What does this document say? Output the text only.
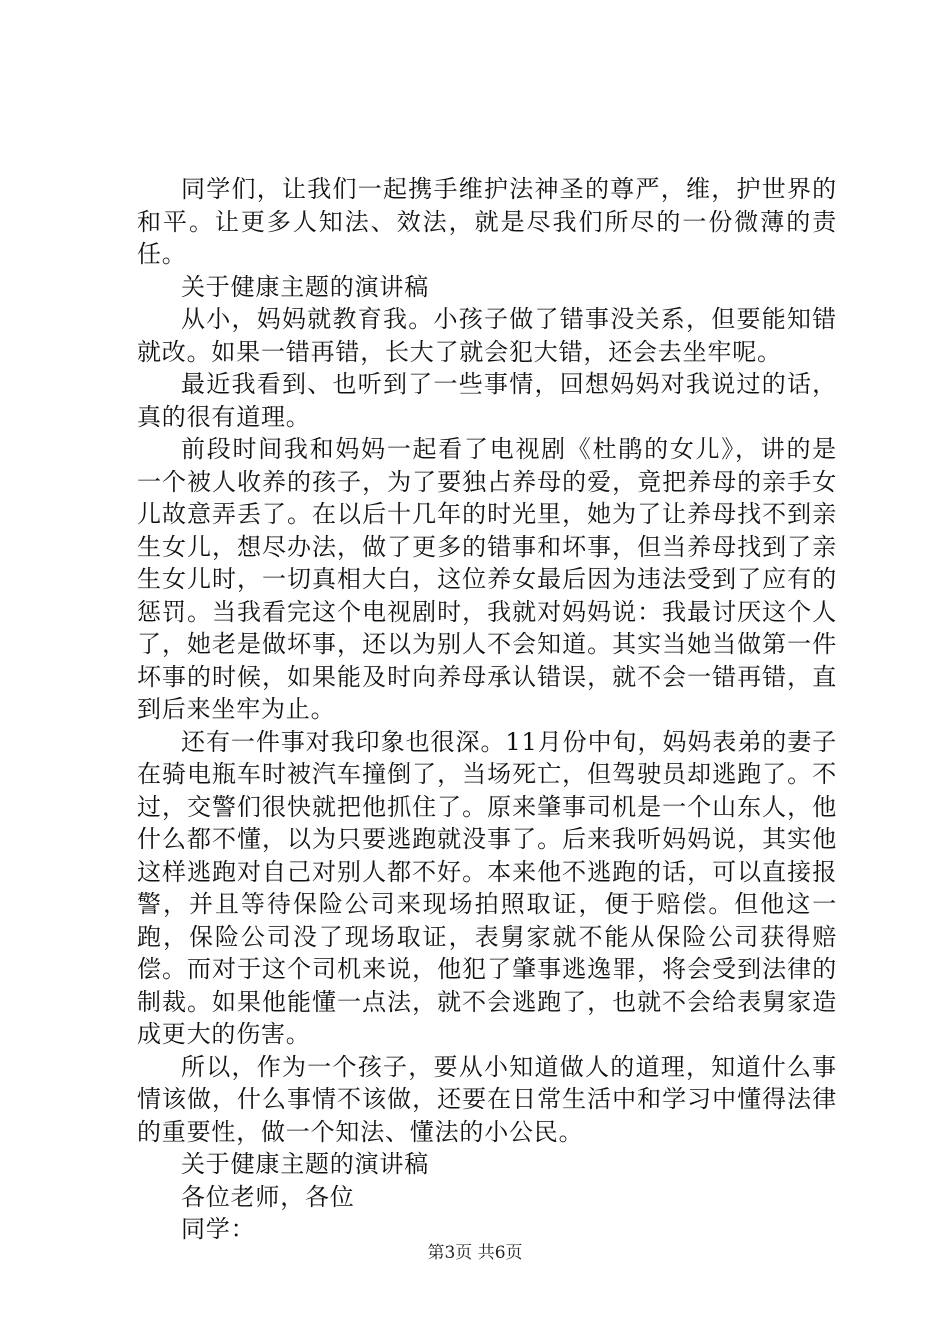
同学们，让我们一起携手维护法神圣的尊严，维，护世界的和平。让更多人知法、效法，就是尽我们所尽的一份微薄的责任。

关于健康主题的演讲稿

从小，妈妈就教育我。小孩子做了错事没关系，但要能知错就改。如果一错再错，长大了就会犯大错，还会去坐牢呢。

最近我看到、也听到了一些事情，回想妈妈对我说过的话，真的很有道理。

前段时间我和妈妈一起看了电视剧《杜鹃的女儿》，讲的是一个被人收养的孩子，为了要独占养母的爱，竟把养母的亲手女儿故意弄丢了。在以后十几年的时光里，她为了让养母找不到亲生女儿，想尽办法，做了更多的错事和坏事，但当养母找到了亲生女儿时，一切真相大白，这位养女最后因为违法受到了应有的惩罚。当我看完这个电视剧时，我就对妈妈说：我最讨厌这个人了，她老是做坏事，还以为别人不会知道。其实当她当做第一件坏事的时候，如果能及时向养母承认错误，就不会一错再错，直到后来坐牢为止。

还有一件事对我印象也很深。11月份中旬，妈妈表弟的妻子在骑电瓶车时被汽车撞倒了，当场死亡，但驾驶员却逃跑了。不过，交警们很快就把他抓住了。原来肇事司机是一个山东人，他什么都不懂，以为只要逃跑就没事了。后来我听妈妈说，其实他这样逃跑对自己对别人都不好。本来他不逃跑的话，可以直接报警，并且等待保险公司来现场拍照取证，便于赔偿。但他这一跑，保险公司没了现场取证，表舅家就不能从保险公司获得赔偿。而对于这个司机来说，他犯了肇事逃逸罪，将会受到法律的制裁。如果他能懂一点法，就不会逃跑了，也就不会给表舅家造成更大的伤害。

所以，作为一个孩子，要从小知道做人的道理，知道什么事情该做，什么事情不该做，还要在日常生活中和学习中懂得法律的重要性，做一个知法、懂法的小公民。

关于健康主题的演讲稿

各位老师，各位

同学：

第3页 共6页
